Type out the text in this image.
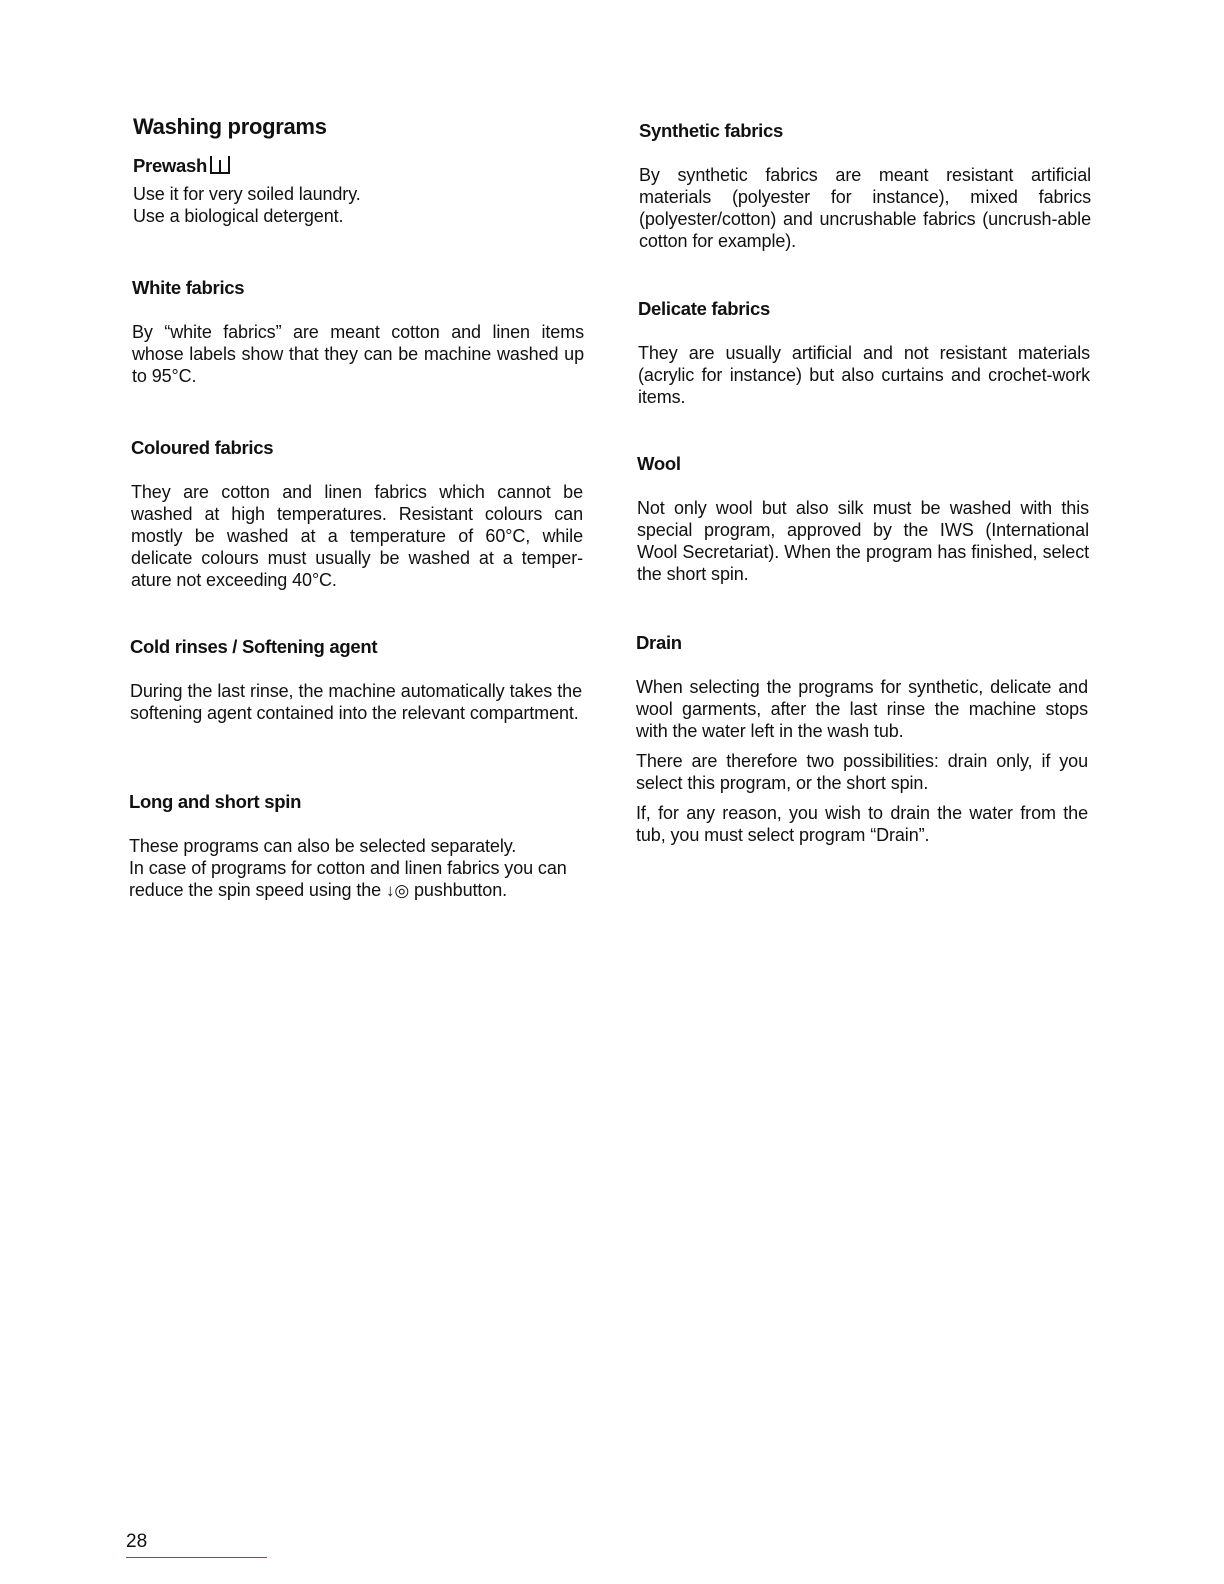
Washing programs
Prewash

Use it for very soiled laundry.

Use a biological detergent.

White fabrics

By “white fabrics” are meant cotton and linen items whose labels show that they can be machine washed up to 95°C.

Coloured fabrics

They are cotton and linen fabrics which cannot be washed at high temperatures. Resistant colours can mostly be washed at a temperature of 60°C, while delicate colours must usually be washed at a temper-ature not exceeding 40°C.

Cold rinses / Softening agent

During the last rinse, the machine automatically takes the softening agent contained into the relevant compartment.

Long and short spin

These programs can also be selected separately.

In case of programs for cotton and linen fabrics you can reduce the spin speed using the ↓◎ pushbutton.

Synthetic fabrics

By synthetic fabrics are meant resistant artificial materials (polyester for instance), mixed fabrics (polyester/cotton) and uncrushable fabrics (uncrush-able cotton for example).

Delicate fabrics

They are usually artificial and not resistant materials (acrylic for instance) but also curtains and crochet-work items.

Wool

Not only wool but also silk must be washed with this special program, approved by the IWS (International Wool Secretariat). When the program has finished, select the short spin.

Drain

When selecting the programs for synthetic, delicate and wool garments, after the last rinse the machine stops with the water left in the wash tub.

There are therefore two possibilities: drain only, if you select this program, or the short spin.

If, for any reason, you wish to drain the water from the tub, you must select program “Drain”.

28
